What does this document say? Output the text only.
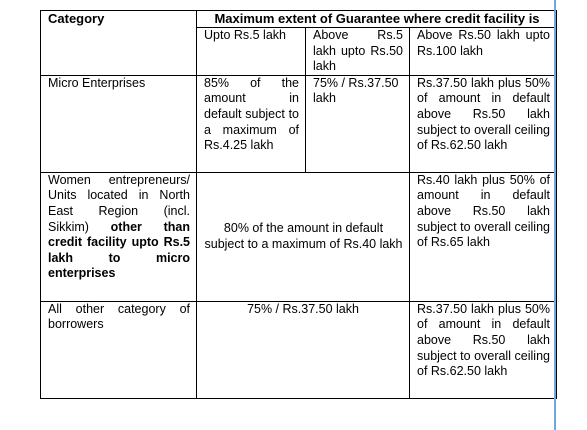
Category	Maximum extent of Guarantee where credit facility is		
	Upto Rs.5 lakh	Above Rs.5 lakh upto Rs.50 lakh	Above Rs.50 lakh upto Rs.100 lakh
Micro Enterprises	85% of the amount in default subject to a maximum of Rs.4.25 lakh	75% / Rs.37.50 lakh	Rs.37.50 lakh plus 50% of amount in default above Rs.50 lakh subject to overall ceiling of Rs.62.50 lakh
Women entrepreneurs/ Units located in North East Region (incl. Sikkim) other than credit facility upto Rs.5 lakh to micro enterprises	80% of the amount in default subject to a maximum of Rs.40 lakh		Rs.40 lakh plus 50% of amount in default above Rs.50 lakh subject to overall ceiling of Rs.65 lakh
All other category of borrowers	75% / Rs.37.50 lakh		Rs.37.50 lakh plus 50% of amount in default above Rs.50 lakh subject to overall ceiling of Rs.62.50 lakh
